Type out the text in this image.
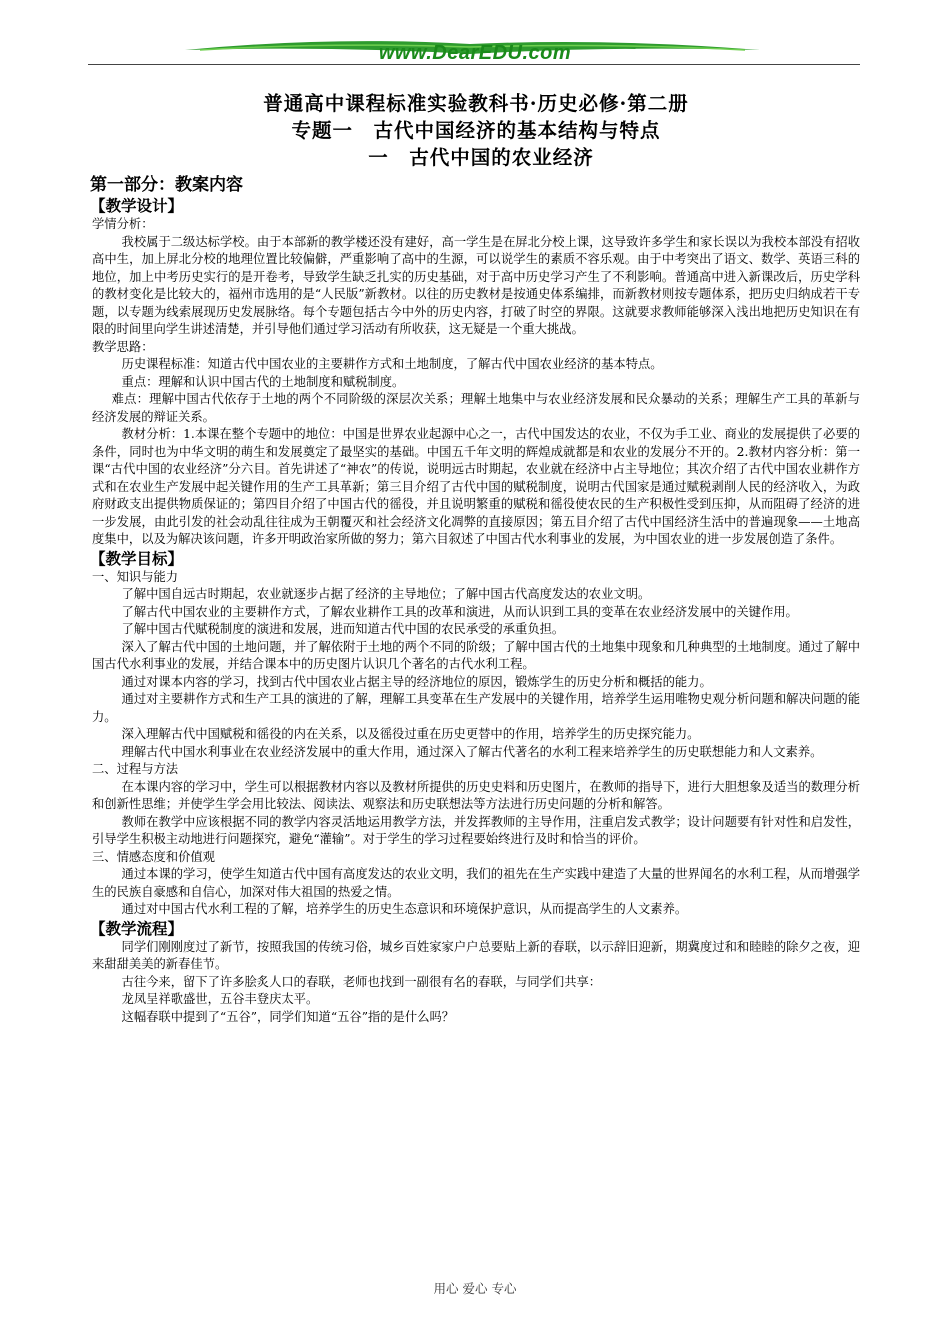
www.DearEDU.com
普通高中课程标准实验教科书·历史必修·第二册
专题一　古代中国经济的基本结构与特点
一　古代中国的农业经济
第一部分：教案内容
【教学设计】
学情分析：
我校属于二级达标学校。由于本部新的教学楼还没有建好，高一学生是在屏北分校上课，这导致许多学生和家长误以为我校本部没有招收高中生，加上屏北分校的地理位置比较偏僻，严重影响了高中的生源，可以说学生的素质不容乐观。由于中考突出了语文、数学、英语三科的地位，加上中考历史实行的是开卷考，导致学生缺乏扎实的历史基础，对于高中历史学习产生了不利影响。普通高中进入新课改后，历史学科的教材变化是比较大的，福州市选用的是“人民版”新教材。以往的历史教材是按通史体系编排，而新教材则按专题体系，把历史归纳成若干专题，以专题为线索展现历史发展脉络。每个专题包括古今中外的历史内容，打破了时空的界限。这就要求教师能够深入浅出地把历史知识在有限的时间里向学生讲述清楚，并引导他们通过学习活动有所收获，这无疑是一个重大挑战。
教学思路：
历史课程标准：知道古代中国农业的主要耕作方式和土地制度，了解古代中国农业经济的基本特点。
重点：理解和认识中国古代的土地制度和赋税制度。
难点：理解中国古代依存于土地的两个不同阶级的深层次关系；理解土地集中与农业经济发展和民众暴动的关系；理解生产工具的革新与经济发展的辩证关系。
教材分析：1.本课在整个专题中的地位：中国是世界农业起源中心之一，古代中国发达的农业，不仅为手工业、商业的发展提供了必要的条件，同时也为中华文明的萌生和发展奠定了最坚实的基础。中国五千年文明的辉煌成就都是和农业的发展分不开的。2.教材内容分析：第一课“古代中国的农业经济”分六目。首先讲述了“神农”的传说，说明远古时期起，农业就在经济中占主导地位；其次介绍了古代中国农业耕作方式和在农业生产发展中起关键作用的生产工具革新；第三目介绍了古代中国的赋税制度，说明古代国家是通过赋税剥削人民的经济收入，为政府财政支出提供物质保证的；第四目介绍了中国古代的徭役，并且说明繁重的赋税和徭役使农民的生产积极性受到压抑，从而阻碍了经济的进一步发展，由此引发的社会动乱往往成为王朝覆灭和社会经济文化凋弊的直接原因；第五目介绍了古代中国经济生活中的普遍现象——土地高度集中，以及为解决该问题，许多开明政治家所做的努力；第六目叙述了中国古代水利事业的发展，为中国农业的进一步发展创造了条件。
【教学目标】
一、知识与能力
了解中国自远古时期起，农业就逐步占据了经济的主导地位；了解中国古代高度发达的农业文明。
了解古代中国农业的主要耕作方式，了解农业耕作工具的改革和演进，从而认识到工具的变革在农业经济发展中的关键作用。
了解中国古代赋税制度的演进和发展，进而知道古代中国的农民承受的承重负担。
深入了解古代中国的土地问题，并了解依附于土地的两个不同的阶级；了解中国古代的土地集中现象和几种典型的土地制度。通过了解中国古代水利事业的发展，并结合课本中的历史图片认识几个著名的古代水利工程。
通过对课本内容的学习，找到古代中国农业占据主导的经济地位的原因，锻炼学生的历史分析和概括的能力。
通过对主要耕作方式和生产工具的演进的了解，理解工具变革在生产发展中的关键作用，培养学生运用唯物史观分析问题和解决问题的能力。
深入理解古代中国赋税和徭役的内在关系，以及徭役过重在历史更替中的作用，培养学生的历史探究能力。
理解古代中国水利事业在农业经济发展中的重大作用，通过深入了解古代著名的水利工程来培养学生的历史联想能力和人文素养。
二、过程与方法
在本课内容的学习中，学生可以根据教材内容以及教材所提供的历史史料和历史图片，在教师的指导下，进行大胆想象及适当的数理分析和创新性思维；并使学生学会用比较法、阅读法、观察法和历史联想法等方法进行历史问题的分析和解答。
教师在教学中应该根据不同的教学内容灵活地运用教学方法，并发挥教师的主导作用，注重启发式教学；设计问题要有针对性和启发性，引导学生积极主动地进行问题探究，避免“灌输”。对于学生的学习过程要始终进行及时和恰当的评价。
三、情感态度和价值观
通过本课的学习，使学生知道古代中国有高度发达的农业文明，我们的祖先在生产实践中建造了大量的世界闻名的水利工程，从而增强学生的民族自豪感和自信心，加深对伟大祖国的热爱之情。
通过对中国古代水利工程的了解，培养学生的历史生态意识和环境保护意识，从而提高学生的人文素养。
【教学流程】
同学们刚刚度过了新节，按照我国的传统习俗，城乡百姓家家户户总要贴上新的春联，以示辞旧迎新，期冀度过和和睦睦的除夕之夜，迎来甜甜美美的新春佳节。
古往今来，留下了许多脍炙人口的春联，老师也找到一副很有名的春联，与同学们共享：
龙凤呈祥歌盛世，五谷丰登庆太平。
这幅春联中提到了“五谷”，同学们知道“五谷”指的是什么吗？
用心 爱心 专心
